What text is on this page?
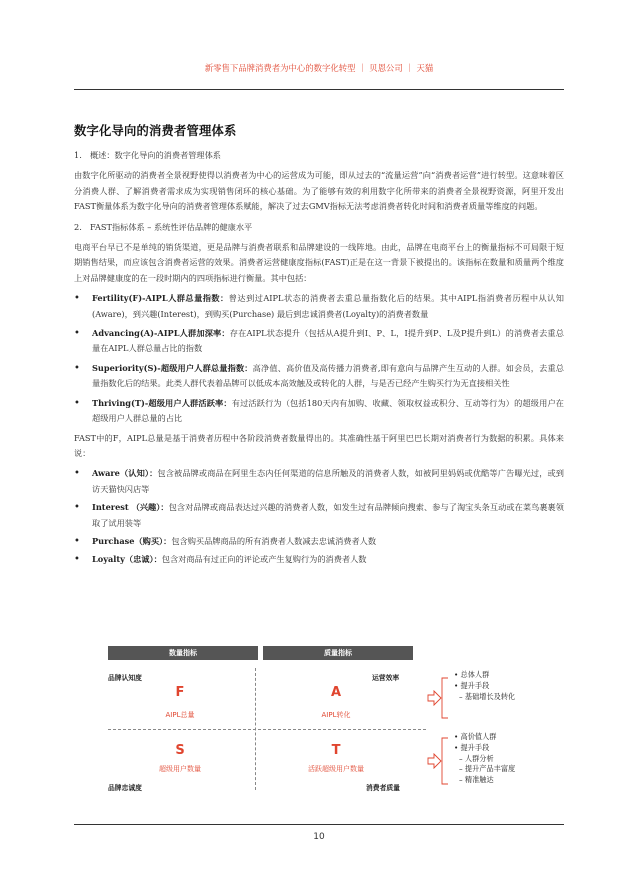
新零售下品牌消费者为中心的数字化转型 ｜ 贝恩公司 ｜ 天猫
数字化导向的消费者管理体系

1.　概述：数字化导向的消费者管理体系

由数字化所驱动的消费者全景视野使得以消费者为中心的运营成为可能，即从过去的“流量运营”向“消费者运营”进行转型。这意味着区分消费人群、了解消费者需求成为实现销售闭环的核心基础。为了能够有效的利用数字化所带来的消费者全景视野资源，阿里开发出FAST衡量体系为数字化导向的消费者管理体系赋能，解决了过去GMV指标无法考虑消费者转化时间和消费者质量等维度的问题。

2.　FAST指标体系 – 系统性评估品牌的健康水平

电商平台早已不是单纯的销货渠道，更是品牌与消费者联系和品牌建设的一线阵地。由此，品牌在电商平台上的衡量指标不可局限于短期销售结果，而应该包含消费者运营的效果。消费者运营健康度指标(FAST)正是在这一背景下被提出的。该指标在数量和质量两个维度上对品牌健康度的在一段时期内的四项指标进行衡量。其中包括：

• Fertility(F)-AIPL人群总量指数：曾达到过AIPL状态的消费者去重总量指数化后的结果。其中AIPL指消费者历程中从认知(Aware)，到兴趣(Interest)，到购买(Purchase) 最后到忠诚消费者(Loyalty)的消费者数量
• Advancing(A)-AIPL人群加深率：存在AIPL状态提升（包括从A提升到I、P、L，I提升到P、L及P提升到L）的消费者去重总量在AIPL人群总量占比的指数
• Superiority(S)-超级用户人群总量指数：高净值、高价值及高传播力消费者,即有意向与品牌产生互动的人群。如会员，去重总量指数化后的结果。此类人群代表着品牌可以低成本高效触及或转化的人群，与是否已经产生购买行为无直接相关性
• Thriving(T)-超级用户人群活跃率：有过活跃行为（包括180天内有加购、收藏、领取权益或积分、互动等行为）的超级用户在超级用户人群总量的占比

FAST中的F，AIPL总量是基于消费者历程中各阶段消费者数量得出的。其准确性基于阿里巴巴长期对消费者行为数据的积累。具体来说：

• Aware（认知）：包含被品牌或商品在阿里生态内任何渠道的信息所触及的消费者人数，如被阿里妈妈或优酷等广告曝光过，或到访天猫快闪店等
• Interest （兴趣）：包含对品牌或商品表达过兴趣的消费者人数，如发生过有品牌倾向搜索、参与了淘宝头条互动或在菜鸟裹裹领取了试用装等
• Purchase（购买）：包含购买品牌商品的所有消费者人数减去忠诚消费者人数
• Loyalty（忠诚）：包含对商品有过正向的评论或产生复购行为的消费者人数
数量指标	质量指标
品牌认知度	运营效率
品牌忠诚度	消费者质量
F
AIPL总量
A
AIPL转化
S
超级用户数量
T
活跃超级用户数量
• 总体人群
• 提升手段
– 基础增长及转化
• 高价值人群
• 提升手段
– 人群分析
– 提升产品丰富度
– 精准触达
10
